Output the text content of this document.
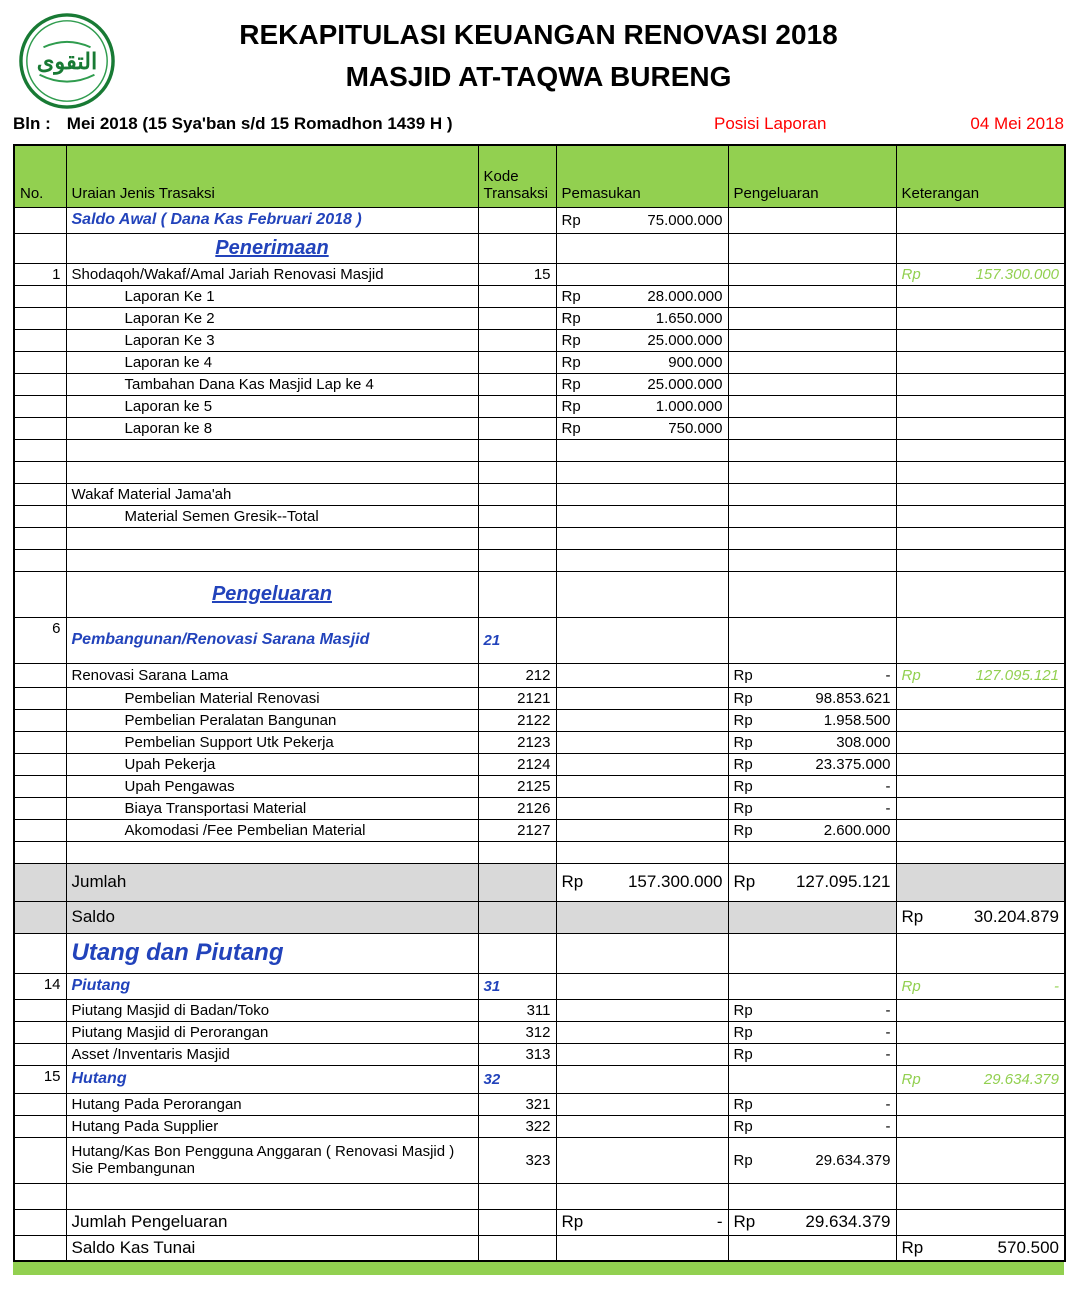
التقوى
REKAPITULASI KEUANGAN RENOVASI 2018
MASJID AT-TAQWA BURENG
Bln : Mei 2018 (15 Sya'ban s/d 15 Romadhon 1439 H )	Posisi Laporan	04 Mei 2018
No.	Uraian Jenis Trasaksi	Kode Transaksi	Pemasukan	Pengeluaran	Keterangan
	Saldo Awal ( Dana Kas Februari 2018 )		Rp 75.000.000		

	Penerimaan				
1	Shodaqoh/Wakaf/Amal Jariah Renovasi Masjid	15			Rp 157.300.000

	Laporan Ke 1		Rp 28.000.000		

	Laporan Ke 2		Rp 1.650.000		

	Laporan Ke 3		Rp 25.000.000		

	Laporan ke 4		Rp 900.000		

	Tambahan Dana Kas Masjid Lap ke 4		Rp 25.000.000		

	Laporan ke 5		Rp 1.000.000		

	Laporan ke 8		Rp 750.000		

	Wakaf Material Jama'ah				
	Material Semen Gresik--Total				

	Pengeluaran				
6	Pembangunan/Renovasi Sarana Masjid	21			
	Renovasi Sarana Lama	212		Rp -	Rp 127.095.121

	Pembelian Material Renovasi	2121		Rp 98.853.621	

	Pembelian Peralatan Bangunan	2122		Rp 1.958.500	

	Pembelian Support Utk Pekerja	2123		Rp 308.000	

	Upah Pekerja	2124		Rp 23.375.000	

	Upah Pengawas	2125		Rp -	

	Biaya Transportasi Material	2126		Rp -	

	Akomodasi /Fee Pembelian Material	2127		Rp 2.600.000	

	Jumlah		Rp 157.300.000	Rp 127.095.121	

	Saldo				Rp 30.204.879

	Utang dan Piutang				
14	Piutang	31			Rp -

	Piutang Masjid di Badan/Toko	311		Rp -	

	Piutang Masjid di Perorangan	312		Rp -	

	Asset /Inventaris Masjid	313		Rp -	

15	Hutang	32			Rp 29.634.379

	Hutang Pada Perorangan	321		Rp -	

	Hutang Pada Supplier	322		Rp -	

	Hutang/Kas Bon Pengguna Anggaran ( Renovasi Masjid ) Sie Pembangunan	323		Rp 29.634.379	

	Jumlah Pengeluaran		Rp -	Rp 29.634.379	

	Saldo Kas Tunai				Rp 570.500
